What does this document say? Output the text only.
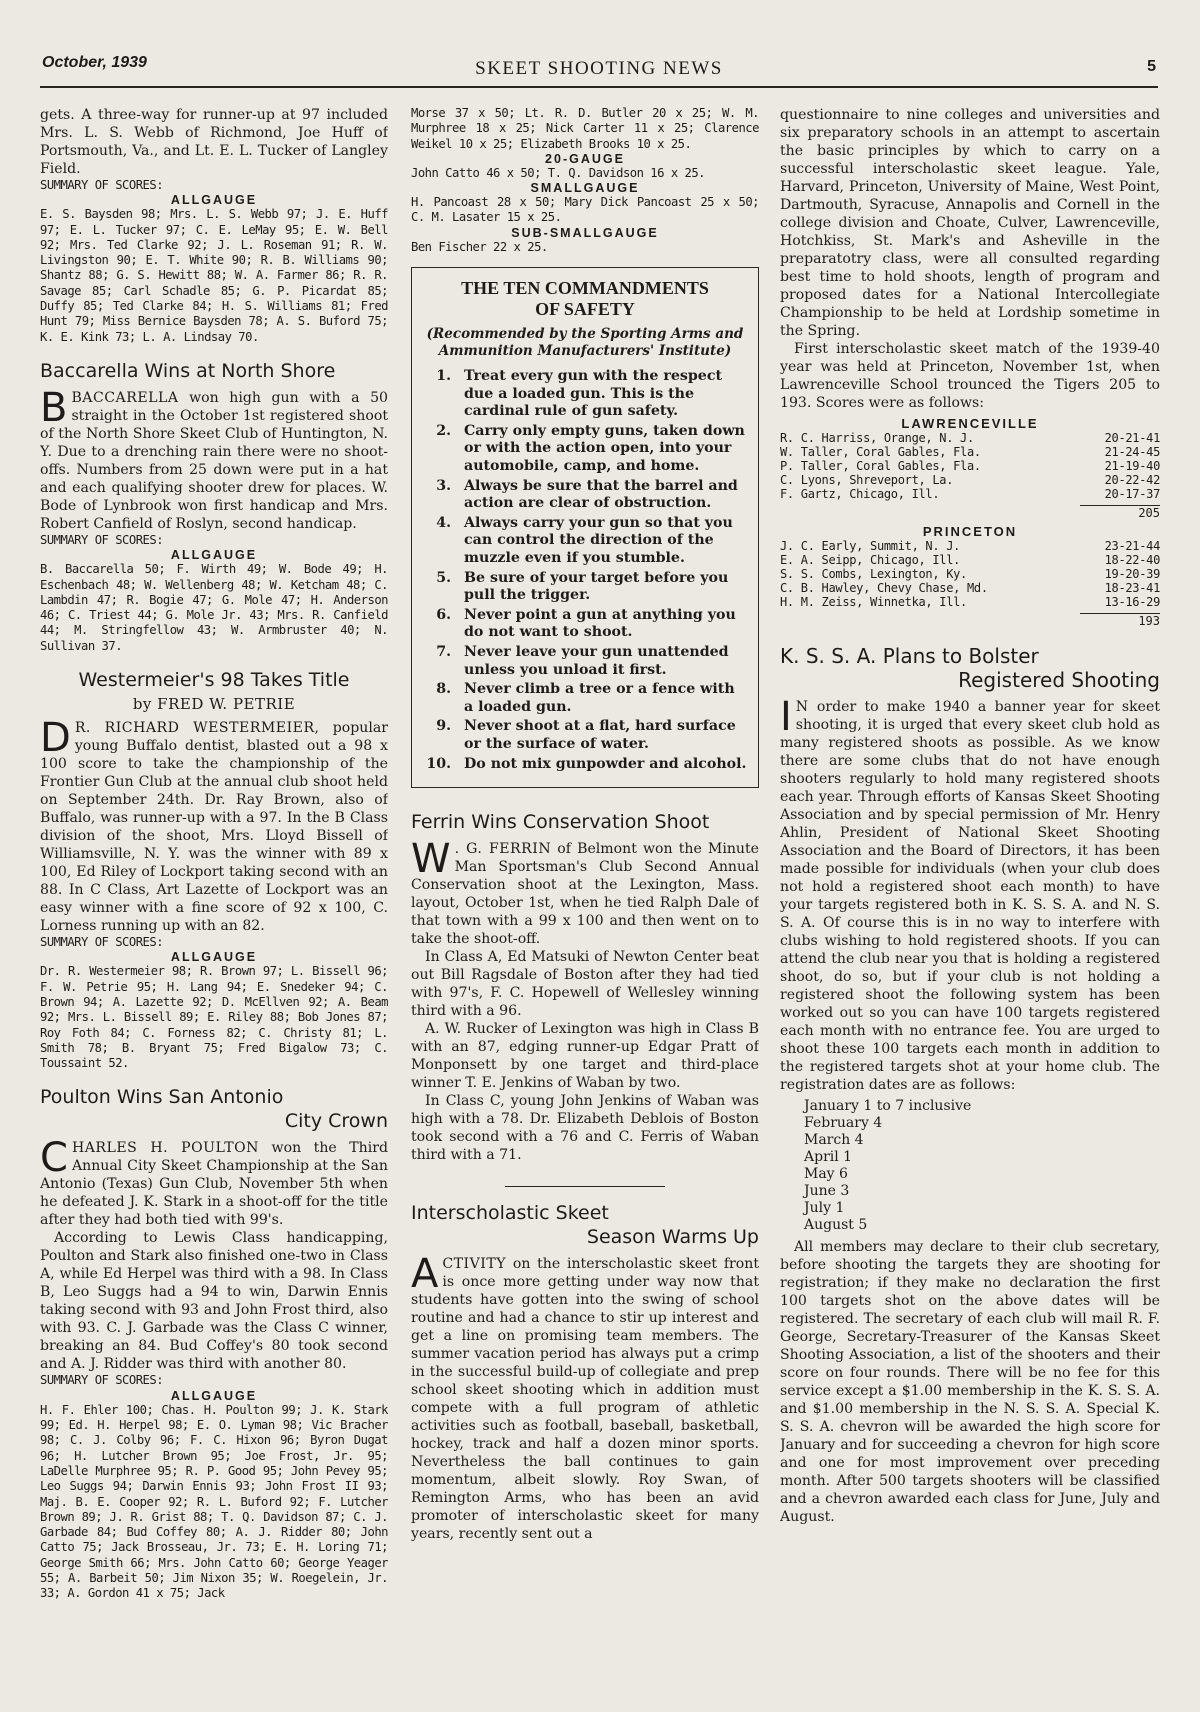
October, 1939	SKEET SHOOTING NEWS	5

gets. A three-way for runner-up at 97 included Mrs. L. S. Webb of Richmond, Joe Huff of Portsmouth, Va., and Lt. E. L. Tucker of Langley Field.

SUMMARY OF SCORES:
ALLGAUGE
E. S. Baysden 98; Mrs. L. S. Webb 97; J. E. Huff 97; E. L. Tucker 97; C. E. LeMay 95; E. W. Bell 92; Mrs. Ted Clarke 92; J. L. Roseman 91; R. W. Livingston 90; E. T. White 90; R. B. Williams 90; Shantz 88; G. S. Hewitt 88; W. A. Farmer 86; R. R. Savage 85; Carl Schadle 85; G. P. Picardat 85; Duffy 85; Ted Clarke 84; H. S. Williams 81; Fred Hunt 79; Miss Bernice Baysden 78; A. S. Buford 75; K. E. Kink 73; L. A. Lindsay 70.
Baccarella Wins at North Shore

BBACCARELLA won high gun with a 50 straight in the October 1st registered shoot of the North Shore Skeet Club of Huntington, N. Y. Due to a drenching rain there were no shoot-offs. Numbers from 25 down were put in a hat and each qualifying shooter drew for places. W. Bode of Lynbrook won first handicap and Mrs. Robert Canfield of Roslyn, second handicap.

SUMMARY OF SCORES:
ALLGAUGE
B. Baccarella 50; F. Wirth 49; W. Bode 49; H. Eschenbach 48; W. Wellenberg 48; W. Ketcham 48; C. Lambdin 47; R. Bogie 47; G. Mole 47; H. Anderson 46; C. Triest 44; G. Mole Jr. 43; Mrs. R. Canfield 44; M. Stringfellow 43; W. Armbruster 40; N. Sullivan 37.
Westermeier's 98 Takes Title
by FRED W. PETRIE

D R. RICHARD WESTERMEIER, popular young Buffalo dentist, blasted out a 98 x 100 score to take the championship of the Frontier Gun Club at the annual club shoot held on September 24th. Dr. Ray Brown, also of Buffalo, was runner-up with a 97. In the B Class division of the shoot, Mrs. Lloyd Bissell of Williamsville, N. Y. was the winner with 89 x 100, Ed Riley of Lockport taking second with an 88. In C Class, Art Lazette of Lockport was an easy winner with a fine score of 92 x 100, C. Lorness running up with an 82.

SUMMARY OF SCORES:
ALLGAUGE
Dr. R. Westermeier 98; R. Brown 97; L. Bissell 96; F. W. Petrie 95; H. Lang 94; E. Snedeker 94; C. Brown 94; A. Lazette 92; D. McEllven 92; A. Beam 92; Mrs. L. Bissell 89; E. Riley 88; Bob Jones 87; Roy Foth 84; C. Forness 82; C. Christy 81; L. Smith 78; B. Bryant 75; Fred Bigalow 73; C. Toussaint 52.
Poulton Wins San Antonio
City Crown

CHARLES H. POULTON won the Third Annual City Skeet Championship at the San Antonio (Texas) Gun Club, November 5th when he defeated J. K. Stark in a shoot-off for the title after they had both tied with 99's.

According to Lewis Class handicapping, Poulton and Stark also finished one-two in Class A, while Ed Herpel was third with a 98. In Class B, Leo Suggs had a 94 to win, Darwin Ennis taking second with 93 and John Frost third, also with 93. C. J. Garbade was the Class C winner, breaking an 84. Bud Coffey's 80 took second and A. J. Ridder was third with another 80.

SUMMARY OF SCORES:
ALLGAUGE
H. F. Ehler 100; Chas. H. Poulton 99; J. K. Stark 99; Ed. H. Herpel 98; E. O. Lyman 98; Vic Bracher 98; C. J. Colby 96; F. C. Hixon 96; Byron Dugat 96; H. Lutcher Brown 95; Joe Frost, Jr. 95; LaDelle Murphree 95; R. P. Good 95; John Pevey 95; Leo Suggs 94; Darwin Ennis 93; John Frost II 93; Maj. B. E. Cooper 92; R. L. Buford 92; F. Lutcher Brown 89; J. R. Grist 88; T. Q. Davidson 87; C. J. Garbade 84; Bud Coffey 80; A. J. Ridder 80; John Catto 75; Jack Brosseau, Jr. 73; E. H. Loring 71; George Smith 66; Mrs. John Catto 60; George Yeager 55; A. Barbeit 50; Jim Nixon 35; W. Roegelein, Jr. 33; A. Gordon 41 x 75; Jack
Morse 37 x 50; Lt. R. D. Butler 20 x 25; W. M. Murphree 18 x 25; Nick Carter 11 x 25; Clarence Weikel 10 x 25; Elizabeth Brooks 10 x 25.
20-GAUGE
John Catto 46 x 50; T. Q. Davidson 16 x 25.
SMALLGAUGE
H. Pancoast 28 x 50; Mary Dick Pancoast 25 x 50; C. M. Lasater 15 x 25.
SUB-SMALLGAUGE
Ben Fischer 22 x 25.
THE TEN COMMANDMENTS
OF SAFETY
(Recommended by the Sporting Arms and Ammunition Manufacturers' Institute)
1. Treat every gun with the respect due a loaded gun. This is the cardinal rule of gun safety.
2. Carry only empty guns, taken down or with the action open, into your automobile, camp, and home.
3. Always be sure that the barrel and action are clear of obstruction.
4. Always carry your gun so that you can control the direction of the muzzle even if you stumble.
5. Be sure of your target before you pull the trigger.
6. Never point a gun at anything you do not want to shoot.
7. Never leave your gun unattended unless you unload it first.
8. Never climb a tree or a fence with a loaded gun.
9. Never shoot at a flat, hard surface or the surface of water.
10. Do not mix gunpowder and alcohol.
Ferrin Wins Conservation Shoot

W . G. FERRIN of Belmont won the Minute Man Sportsman's Club Second Annual Conservation shoot at the Lexington, Mass. layout, October 1st, when he tied Ralph Dale of that town with a 99 x 100 and then went on to take the shoot-off.

In Class A, Ed Matsuki of Newton Center beat out Bill Ragsdale of Boston after they had tied with 97's, F. C. Hopewell of Wellesley winning third with a 96.

A. W. Rucker of Lexington was high in Class B with an 87, edging runner-up Edgar Pratt of Monponsett by one target and third-place winner T. E. Jenkins of Waban by two.

In Class C, young John Jenkins of Waban was high with a 78. Dr. Elizabeth Deblois of Boston took second with a 76 and C. Ferris of Waban third with a 71.

Interscholastic Skeet
Season Warms Up

ACTIVITY on the interscholastic skeet front is once more getting under way now that students have gotten into the swing of school routine and had a chance to stir up interest and get a line on promising team members. The summer vacation period has always put a crimp in the successful build-up of collegiate and prep school skeet shooting which in addition must compete with a full program of athletic activities such as football, baseball, basketball, hockey, track and half a dozen minor sports. Nevertheless the ball continues to gain momentum, albeit slowly. Roy Swan, of Remington Arms, who has been an avid promoter of interscholastic skeet for many years, recently sent out a

questionnaire to nine colleges and universities and six preparatory schools in an attempt to ascertain the basic principles by which to carry on a successful interscholastic skeet league. Yale, Harvard, Princeton, University of Maine, West Point, Dartmouth, Syracuse, Annapolis and Cornell in the college division and Choate, Culver, Lawrenceville, Hotchkiss, St. Mark's and Asheville in the preparatotry class, were all consulted regarding best time to hold shoots, length of program and proposed dates for a National Intercollegiate Championship to be held at Lordship sometime in the Spring.

First interscholastic skeet match of the 1939-40 year was held at Princeton, November 1st, when Lawrenceville School trounced the Tigers 205 to 193. Scores were as follows:

LAWRENCEVILLE
R. C. Harriss, Orange, N. J.	20-21-41
W. Taller, Coral Gables, Fla.	21-24-45
P. Taller, Coral Gables, Fla.	21-19-40
C. Lyons, Shreveport, La.	20-22-42
F. Gartz, Chicago, Ill.	20-17-37
205
PRINCETON
J. C. Early, Summit, N. J.	23-21-44
E. A. Seipp, Chicago, Ill.	18-22-40
S. S. Combs, Lexington, Ky.	19-20-39
C. B. Hawley, Chevy Chase, Md.	18-23-41
H. M. Zeiss, Winnetka, Ill.	13-16-29
193
K. S. S. A. Plans to Bolster
Registered Shooting

I N order to make 1940 a banner year for skeet shooting, it is urged that every skeet club hold as many registered shoots as possible. As we know there are some clubs that do not have enough shooters regularly to hold many registered shoots each year. Through efforts of Kansas Skeet Shooting Association and by special permission of Mr. Henry Ahlin, President of National Skeet Shooting Association and the Board of Directors, it has been made possible for individuals (when your club does not hold a registered shoot each month) to have your targets registered both in K. S. S. A. and N. S. S. A. Of course this is in no way to interfere with clubs wishing to hold registered shoots. If you can attend the club near you that is holding a registered shoot, do so, but if your club is not holding a registered shoot the following system has been worked out so you can have 100 targets registered each month with no entrance fee. You are urged to shoot these 100 targets each month in addition to the registered targets shot at your home club. The registration dates are as follows:

January 1 to 7 inclusive
February 4
March 4
April 1
May 6
June 3
July 1
August 5

All members may declare to their club secretary, before shooting the targets they are shooting for registration; if they make no declaration the first 100 targets shot on the above dates will be registered. The secretary of each club will mail R. F. George, Secretary-Treasurer of the Kansas Skeet Shooting Association, a list of the shooters and their score on four rounds. There will be no fee for this service except a $1.00 membership in the K. S. S. A. and $1.00 membership in the N. S. S. A. Special K. S. S. A. chevron will be awarded the high score for January and for succeeding a chevron for high score and one for most improvement over preceding month. After 500 targets shooters will be classified and a chevron awarded each class for June, July and August.
